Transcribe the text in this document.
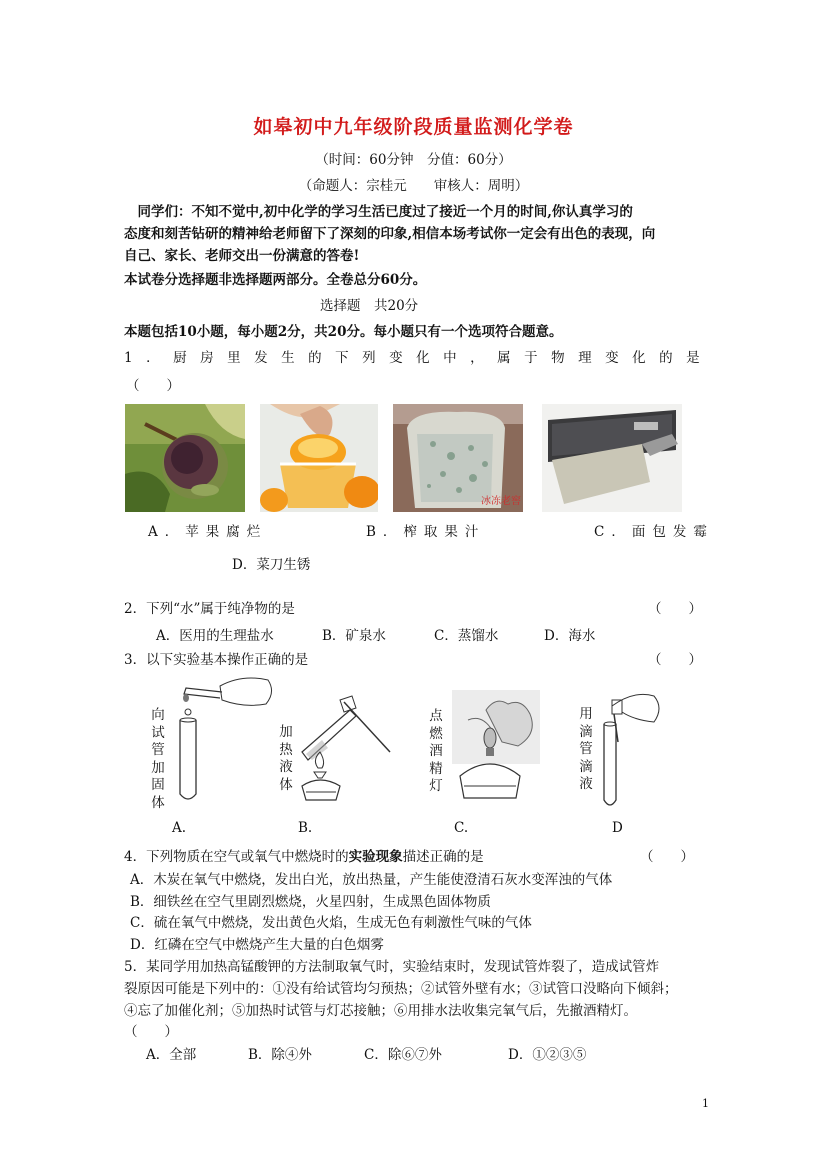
如皋初中九年级阶段质量监测化学卷
（时间：60分钟　分值：60分）
（命题人：宗桂元　　审核人：周明）
　同学们：不知不觉中,初中化学的学习生活已度过了接近一个月的时间,你认真学习的
态度和刻苦钻研的精神给老师留下了深刻的印象,相信本场考试你一定会有出色的表现，向
自己、家长、老师交出一份满意的答卷!
本试卷分选择题非选择题两部分。全卷总分60分。
选择题　共20分
本题包括10小题，每小题2分，共20分。每小题只有一个选项符合题意。
1．厨房里发生的下列变化中，属于物理变化的是
（　　）
冰冻老窖
A．苹果腐烂	B．榨取果汁	C．面包发霉
D．菜刀生锈
2．下列“水”属于纯净物的是	（　　）
A．医用的生理盐水	B．矿泉水	C．蒸馏水	D．海水
3．以下实验基本操作正确的是	（　　）
向试管加固体
加热液体
点燃酒精灯
用滴管滴液
A.	B.	C.	D
4．下列物质在空气或氧气中燃烧时的实验现象描述正确的是	（　　）
A．木炭在氧气中燃烧，发出白光，放出热量，产生能使澄清石灰水变浑浊的气体
B．细铁丝在空气里剧烈燃烧，火星四射，生成黑色固体物质
C．硫在氧气中燃烧，发出黄色火焰，生成无色有刺激性气味的气体
D．红磷在空气中燃烧产生大量的白色烟雾
5．某同学用加热高锰酸钾的方法制取氧气时，实验结束时，发现试管炸裂了，造成试管炸
裂原因可能是下列中的：①没有给试管均匀预热；②试管外壁有水；③试管口没略向下倾斜；
④忘了加催化剂；⑤加热时试管与灯芯接触；⑥用排水法收集完氧气后，先撤酒精灯。
（　　）
A．全部	B．除④外	C．除⑥⑦外	D．①②③⑤
1
